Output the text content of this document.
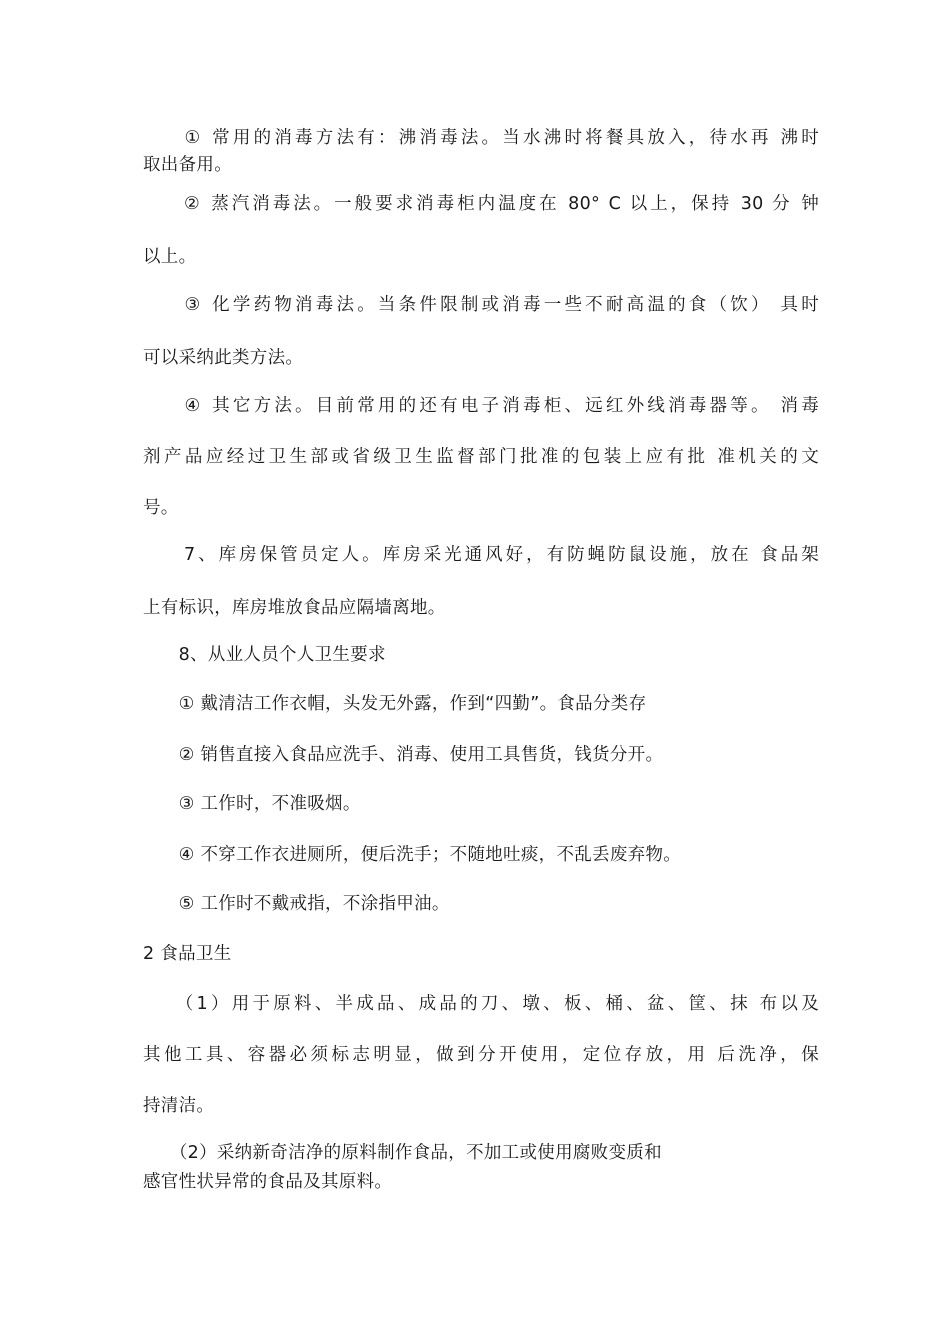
　　① 常用的消毒方法有：沸消毒法。当水沸时将餐具放入，待水再 沸时
取出备用。
　　② 蒸汽消毒法。一般要求消毒柜内温度在 80° C 以上，保持 30 分 钟
以上。
　　③ 化学药物消毒法。当条件限制或消毒一些不耐高温的食（饮） 具时
可以采纳此类方法。
　　④ 其它方法。目前常用的还有电子消毒柜、远红外线消毒器等。 消毒
剂产品应经过卫生部或省级卫生监督部门批准的包装上应有批 准机关的文
号。
　　7、库房保管员定人。库房采光通风好，有防蝇防鼠设施，放在 食品架
上有标识，库房堆放食品应隔墙离地。
　　8、从业人员个人卫生要求
　　① 戴清洁工作衣帽，头发无外露，作到“四勤”。食品分类存
　　② 销售直接入食品应洗手、消毒、使用工具售货，钱货分开。
　　③ 工作时，不准吸烟。
　　④ 不穿工作衣进厕所，便后洗手；不随地吐痰，不乱丢废弃物。
　　⑤ 工作时不戴戒指，不涂指甲油。
2 食品卫生
　　（1）用于原料、半成品、成品的刀、墩、板、桶、盆、筐、抹 布以及
其他工具、容器必须标志明显，做到分开使用，定位存放，用 后洗净，保
持清洁。
　　（2）采纳新奇洁净的原料制作食品，不加工或使用腐败变质和
感官性状异常的食品及其原料。
